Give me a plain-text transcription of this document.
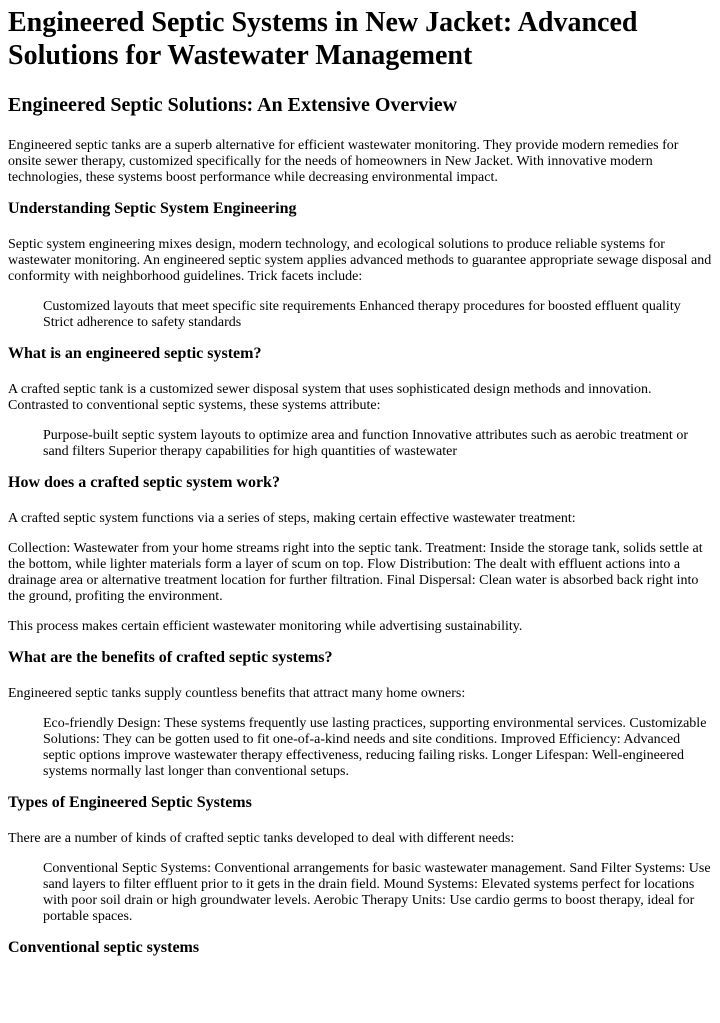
Engineered Septic Systems in New Jacket: Advanced Solutions for Wastewater Management
Engineered Septic Solutions: An Extensive Overview

Engineered septic tanks are a superb alternative for efficient wastewater monitoring. They provide modern remedies for onsite sewer therapy, customized specifically for the needs of homeowners in New Jacket. With innovative modern technologies, these systems boost performance while decreasing environmental impact.

Understanding Septic System Engineering

Septic system engineering mixes design, modern technology, and ecological solutions to produce reliable systems for wastewater monitoring. An engineered septic system applies advanced methods to guarantee appropriate sewage disposal and conformity with neighborhood guidelines. Trick facets include:

Customized layouts that meet specific site requirements Enhanced therapy procedures for boosted effluent quality Strict adherence to safety standards
What is an engineered septic system?

A crafted septic tank is a customized sewer disposal system that uses sophisticated design methods and innovation. Contrasted to conventional septic systems, these systems attribute:

Purpose-built septic system layouts to optimize area and function Innovative attributes such as aerobic treatment or sand filters Superior therapy capabilities for high quantities of wastewater
How does a crafted septic system work?

A crafted septic system functions via a series of steps, making certain effective wastewater treatment:

Collection: Wastewater from your home streams right into the septic tank. Treatment: Inside the storage tank, solids settle at the bottom, while lighter materials form a layer of scum on top. Flow Distribution: The dealt with effluent actions into a drainage area or alternative treatment location for further filtration. Final Dispersal: Clean water is absorbed back right into the ground, profiting the environment.

This process makes certain efficient wastewater monitoring while advertising sustainability.

What are the benefits of crafted septic systems?

Engineered septic tanks supply countless benefits that attract many home owners:

Eco-friendly Design: These systems frequently use lasting practices, supporting environmental services. Customizable Solutions: They can be gotten used to fit one-of-a-kind needs and site conditions. Improved Efficiency: Advanced septic options improve wastewater therapy effectiveness, reducing failing risks. Longer Lifespan: Well-engineered systems normally last longer than conventional setups.
Types of Engineered Septic Systems

There are a number of kinds of crafted septic tanks developed to deal with different needs:

Conventional Septic Systems: Conventional arrangements for basic wastewater management. Sand Filter Systems: Use sand layers to filter effluent prior to it gets in the drain field. Mound Systems: Elevated systems perfect for locations with poor soil drain or high groundwater levels. Aerobic Therapy Units: Use cardio germs to boost therapy, ideal for portable spaces.
Conventional septic systems
